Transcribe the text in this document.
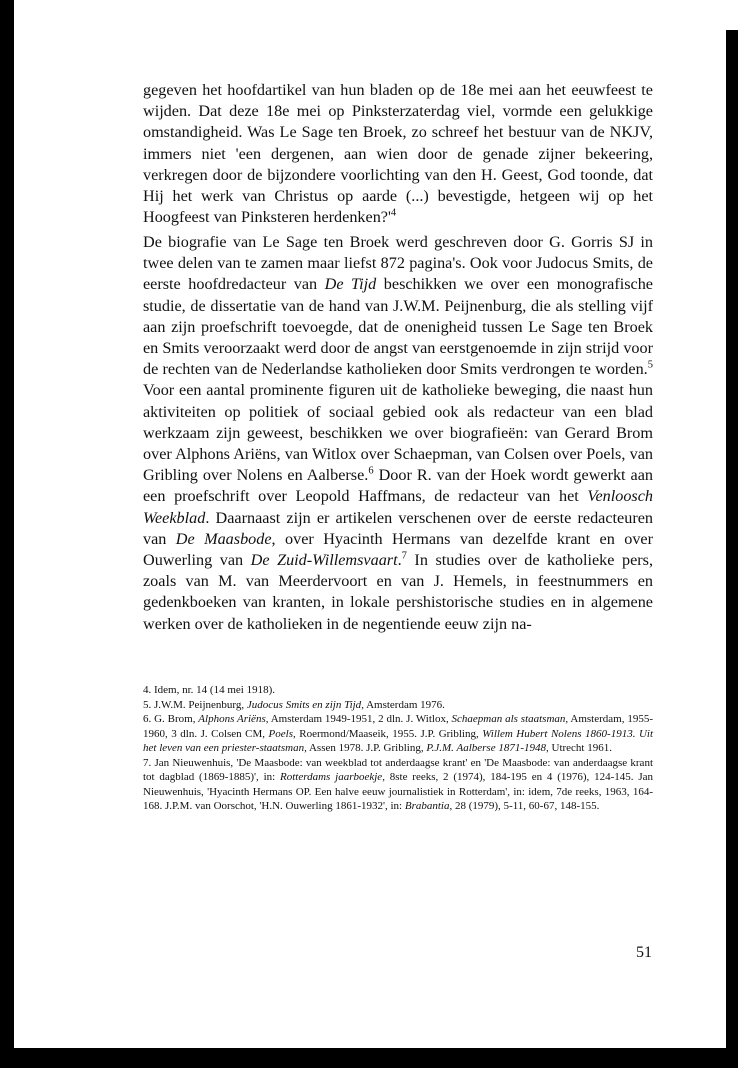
gegeven het hoofdartikel van hun bladen op de 18e mei aan het eeuwfeest te wijden. Dat deze 18e mei op Pinksterzaterdag viel, vormde een gelukkige omstandigheid. Was Le Sage ten Broek, zo schreef het bestuur van de NKJV, immers niet 'een dergenen, aan wien door de genade zijner bekeering, verkregen door de bijzondere voorlichting van den H. Geest, God toonde, dat Hij het werk van Christus op aarde (...) bevestigde, hetgeen wij op het Hoogfeest van Pinksteren $herdenken?'^4$

De biografie van Le Sage ten Broek werd geschreven door G. Gorris SJ in twee delen van te zamen maar liefst 872 pagina's. Ook voor Judocus Smits, de eerste hoofdredacteur van De Tijd beschikken we over een monografische studie, de dissertatie van de hand van J.W.M. Peijnenburg, die als stelling vijf aan zijn proefschrift toevoegde, dat de onenigheid tussen Le Sage ten Broek en Smits veroorzaakt werd door de angst van eerstgenoemde in zijn strijd voor de rechten van de Nederlandse katholieken door Smits verdrongen te worden.$^5$ Voor een aantal prominente figuren uit de katholieke beweging, die naast hun aktiviteiten op politiek of sociaal gebied ook als redacteur van een blad werkzaam zijn geweest, beschikken we over biografieën: van Gerard Brom over Alphons Ariëns, van Witlox over Schaepman, van Colsen over Poels, van Gribling over Nolens en Aalberse.$^6$ Door R. van der Hoek wordt gewerkt aan een proefschrift over Leopold Haffmans, de redacteur van het Venloosch Weekblad. Daarnaast zijn er artikelen verschenen over de eerste redacteuren van De Maasbode, over Hyacinth Hermans van dezelfde krant en over Ouwerling van De Zuid-Willemsvaart.$^7$ In studies over de katholieke pers, zoals van M. van Meerdervoort en van J. Hemels, in feestnummers en gedenkboeken van kranten, in lokale pershistorische studies en in algemene werken over de katholieken in de negentiende eeuw zijn na-

4. Idem, nr. 14 (14 mei 1918).

5. J.W.M. Peijnenburg, Judocus Smits en zijn Tijd, Amsterdam 1976.

6. G. Brom, Alphons Ariëns, Amsterdam 1949-1951, 2 dln. J. Witlox, Schaepman als staatsman, Amsterdam, 1955-1960, 3 dln. J. Colsen CM, Poels, Roermond/Maaseik, 1955. J.P. Gribling, Willem Hubert Nolens 1860-1913. Uit het leven van een priester-staatsman, Assen 1978. J.P. Gribling, P.J.M. Aalberse 1871-1948, Utrecht 1961.

7. Jan Nieuwenhuis, 'De Maasbode: van weekblad tot anderdaagse krant' en 'De Maasbode: van anderdaagse krant tot dagblad (1869-1885)', in: Rotterdams jaarboekje, 8ste reeks, 2 (1974), 184-195 en 4 (1976), 124-145. Jan Nieuwenhuis, 'Hyacinth Hermans OP. Een halve eeuw journalistiek in Rotterdam', in: idem, 7de reeks, 1963, 164-168. J.P.M. van Oorschot, 'H.N. Ouwerling 1861-1932', in: Brabantia, 28 (1979), 5-11, 60-67, 148-155.

51
